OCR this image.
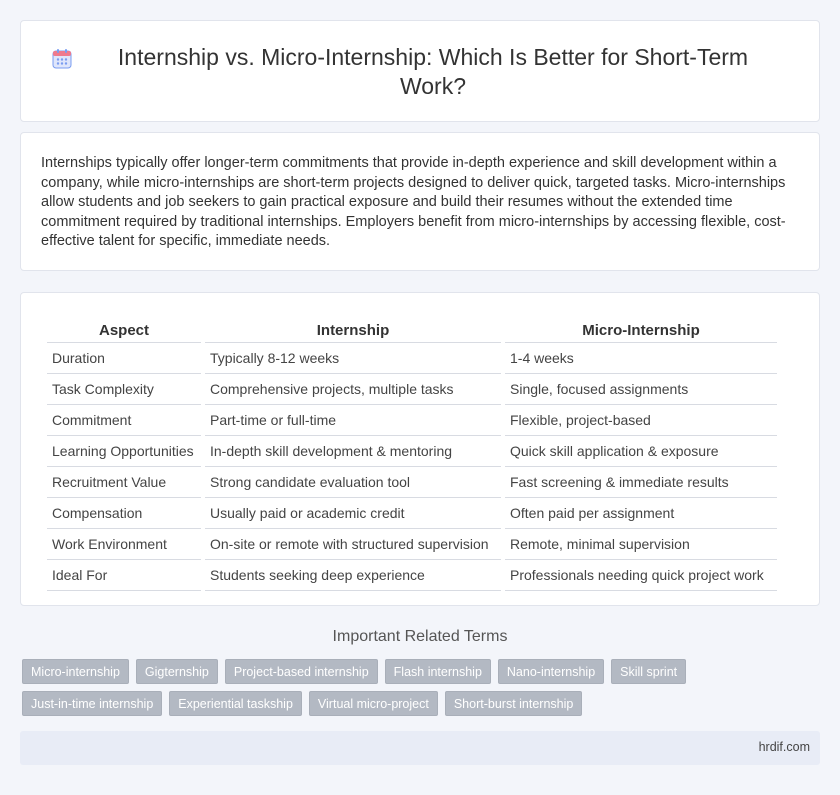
Internship vs. Micro-Internship: Which Is Better for Short-Term Work?

Internships typically offer longer-term commitments that provide in-depth experience and skill development within a company, while micro-internships are short-term projects designed to deliver quick, targeted tasks. Micro-internships allow students and job seekers to gain practical exposure and build their resumes without the extended time commitment required by traditional internships. Employers benefit from micro-internships by accessing flexible, cost-effective talent for specific, immediate needs.

Aspect	Internship	Micro-Internship
Duration	Typically 8-12 weeks	1-4 weeks
Task Complexity	Comprehensive projects, multiple tasks	Single, focused assignments
Commitment	Part-time or full-time	Flexible, project-based
Learning Opportunities	In-depth skill development & mentoring	Quick skill application & exposure
Recruitment Value	Strong candidate evaluation tool	Fast screening & immediate results
Compensation	Usually paid or academic credit	Often paid per assignment
Work Environment	On-site or remote with structured supervision	Remote, minimal supervision
Ideal For	Students seeking deep experience	Professionals needing quick project work
Important Related Terms
Micro-internship	Gigternship	Project-based internship	Flash internship	Nano-internship	Skill sprint
Just-in-time internship	Experiential taskship	Virtual micro-project	Short-burst internship
hrdif.com
